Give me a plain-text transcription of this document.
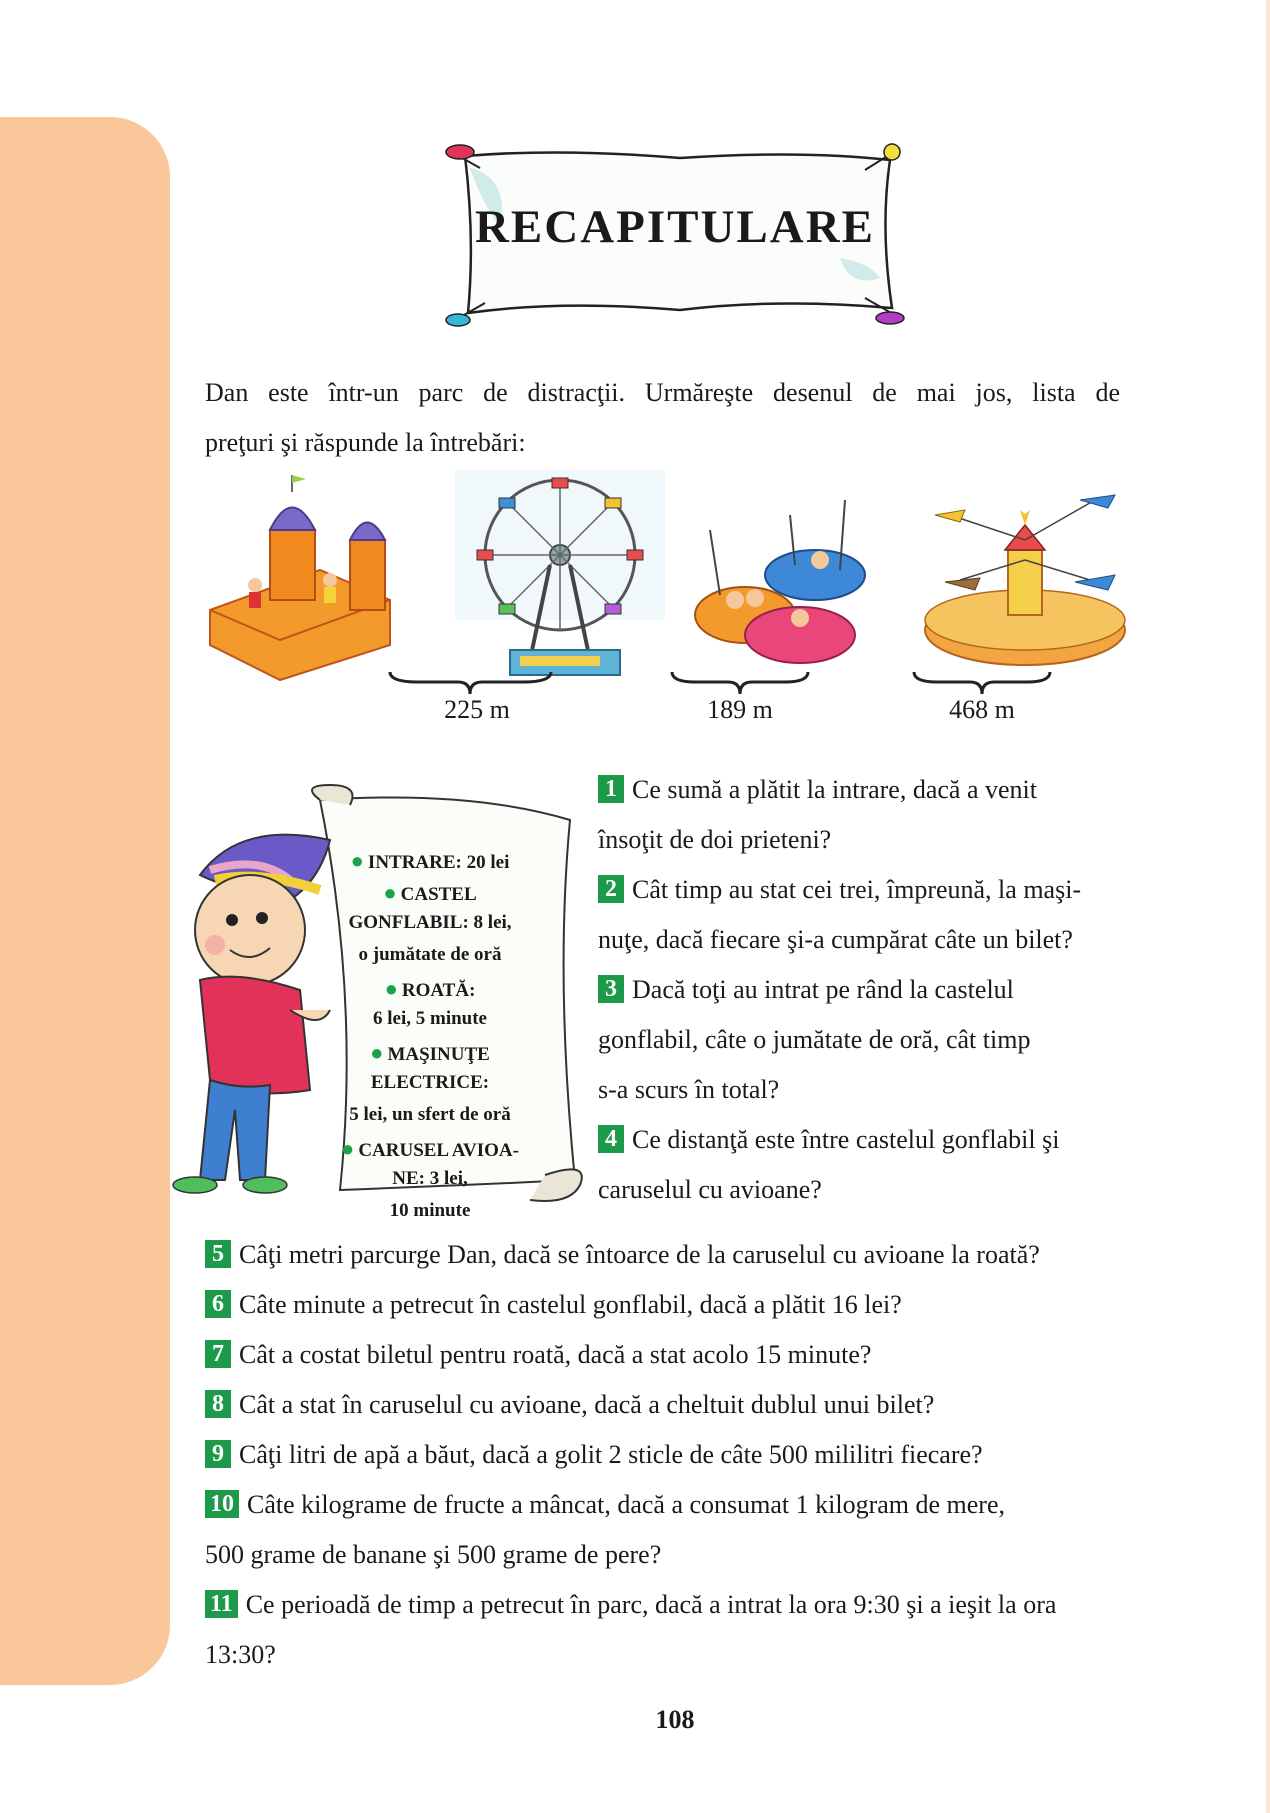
RECAPITULARE
Dan este într-un parc de distracţii. Urmăreşte desenul de mai jos, lista de
preţuri şi răspunde la întrebări:
225 m	189 m	468 m
● INTRARE: 20 lei
● CASTEL
GONFLABIL: 8 lei,
o jumătate de oră
● ROATĂ:
6 lei, 5 minute
● MAŞINUŢE
ELECTRICE:
5 lei, un sfert de oră
● CARUSEL AVIOA-
NE: 3 lei,
10 minute
1 Ce sumă a plătit la intrare, dacă a venit
însoţit de doi prieteni?
2 Cât timp au stat cei trei, împreună, la maşi-
nuţe, dacă fiecare şi-a cumpărat câte un bilet?
3 Dacă toţi au intrat pe rând la castelul
gonflabil, câte o jumătate de oră, cât timp
s-a scurs în total?
4 Ce distanţă este între castelul gonflabil şi
caruselul cu avioane?
5 Câţi metri parcurge Dan, dacă se întoarce de la caruselul cu avioane la roată?
6 Câte minute a petrecut în castelul gonflabil, dacă a plătit 16 lei?
7 Cât a costat biletul pentru roată, dacă a stat acolo 15 minute?
8 Cât a stat în caruselul cu avioane, dacă a cheltuit dublul unui bilet?
9 Câţi litri de apă a băut, dacă a golit 2 sticle de câte 500 mililitri fiecare?
10 Câte kilograme de fructe a mâncat, dacă a consumat 1 kilogram de mere,
500 grame de banane şi 500 grame de pere?
11 Ce perioadă de timp a petrecut în parc, dacă a intrat la ora 9:30 şi a ieşit la ora
13:30?
108
